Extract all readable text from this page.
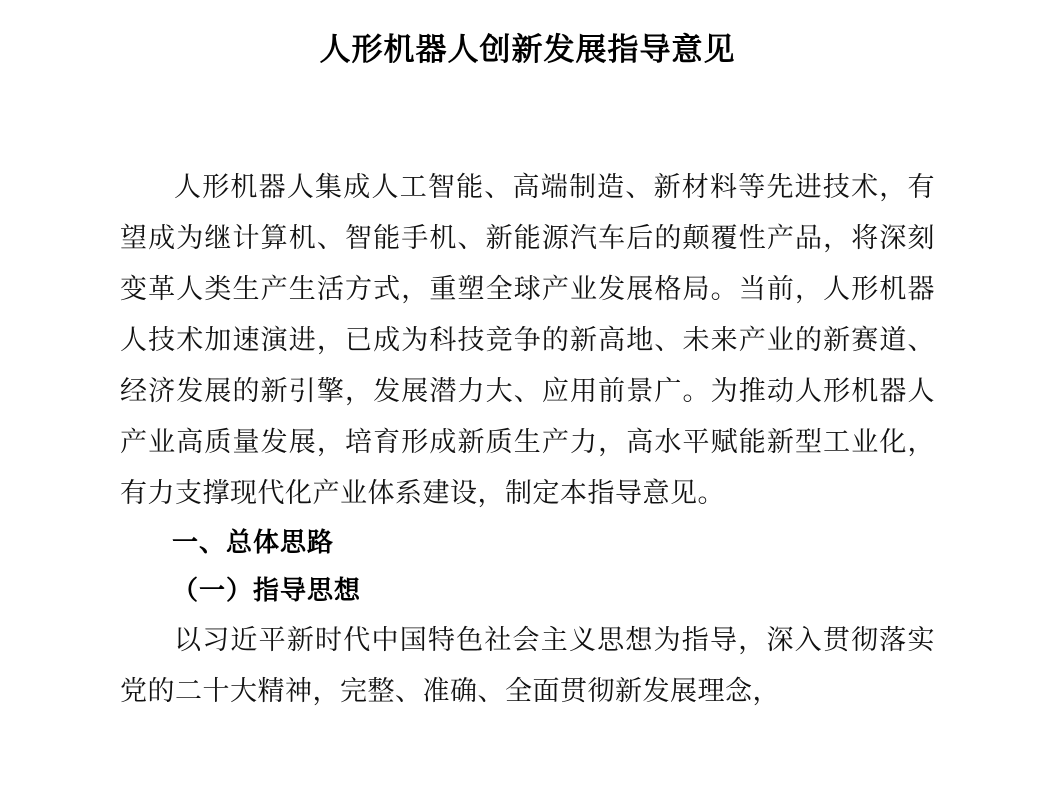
人形机器人创新发展指导意见

人形机器人集成人工智能、高端制造、新材料等先进技术，有望成为继计算机、智能手机、新能源汽车后的颠覆性产品，将深刻变革人类生产生活方式，重塑全球产业发展格局。当前，人形机器人技术加速演进，已成为科技竞争的新高地、未来产业的新赛道、经济发展的新引擎，发展潜力大、应用前景广。为推动人形机器人产业高质量发展，培育形成新质生产力，高水平赋能新型工业化，有力支撑现代化产业体系建设，制定本指导意见。

一、总体思路

（一）指导思想

以习近平新时代中国特色社会主义思想为指导，深入贯彻落实党的二十大精神，完整、准确、全面贯彻新发展理念，
